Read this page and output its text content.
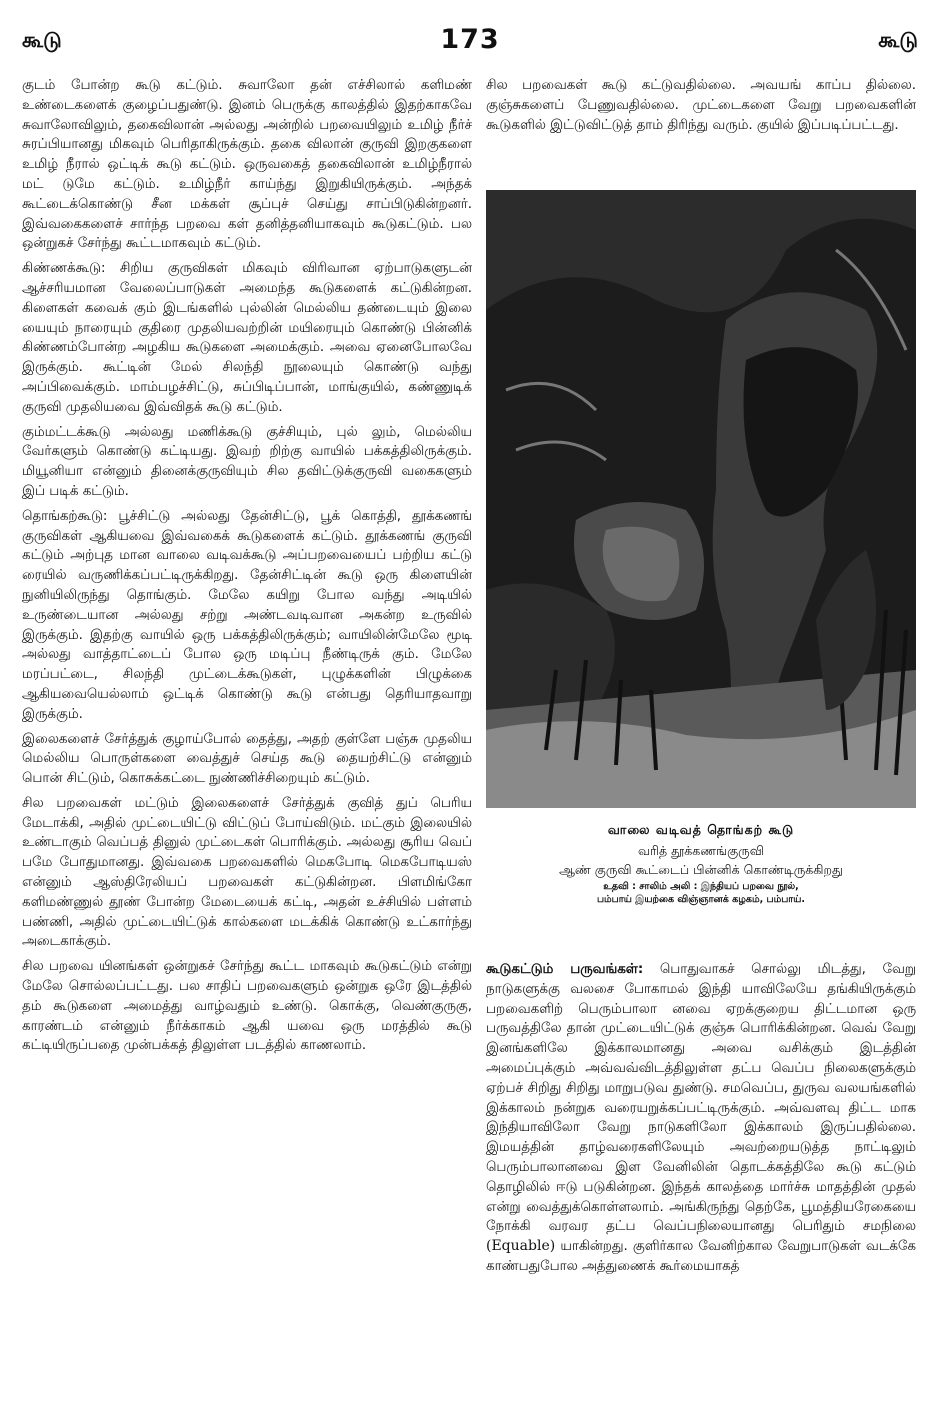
கூடு	173	கூடு

குடம் போன்ற கூடு கட்டும். சுவாலோ தன் எச்சிலால் களிமண் உண்டைகளைக் குழைப்பதுண்டு. இனம் பெருக்கு காலத்தில் இதற்காகவே சுவாலோவிலும், தகைவிலான் அல்லது அன்றில் பறவையிலும் உமிழ் நீர்ச் சுரப்பியானது மிகவும் பெரிதாகிருக்கும். தகை விலான் குருவி இறகுகளை உமிழ் நீரால் ஒட்டிக் கூடு கட்டும். ஒருவகைத் தகைவிலான் உமிழ்நீரால் மட் டுமே கட்டும். உமிழ்நீர் காய்ந்து இறுகியிருக்கும். அந்தக் கூட்டைக்கொண்டு சீன மக்கள் சூப்புச் செய்து சாப்பிடுகின்றனர். இவ்வகைகளைச் சார்ந்த பறவை கள் தனித்தனியாகவும் கூடுகட்டும். பல ஒன்றுகச் சேர்ந்து கூட்டமாகவும் கட்டும்.

கிண்ணக்கூடு: சிறிய குருவிகள் மிகவும் விரிவான ஏற்பாடுகளுடன் ஆச்சரியமான வேலைப்பாடுகள் அமைந்த கூடுகளைக் கட்டுகின்றன. கிளைகள் கவைக் கும் இடங்களில் புல்லின் மெல்லிய தண்டையும் இலை யையும் நாரையும் குதிரை முதலியவற்றின் மயிரையும் கொண்டு பின்னிக் கிண்ணம்போன்ற அழகிய கூடுகளை அமைக்கும். அவை ஏனைபோலவே இருக்கும். கூட்டின் மேல் சிலந்தி நூலையும் கொண்டு வந்து அப்பிவைக்கும். மாம்பழச்சிட்டு, சுப்பிடிப்பான், மாங்குயில், கண்ணுடிக் குருவி முதலியவை இவ்விதக் கூடு கட்டும்.

கும்மட்டக்கூடு அல்லது மணிக்கூடு குச்சியும், புல் லும், மெல்லிய வேர்களும் கொண்டு கட்டியது. இவற் றிற்கு வாயில் பக்கத்திலிருக்கும். மியூனியா என்னும் தினைக்குருவியும் சில தவிட்டுக்குருவி வகைகளும் இப் படிக் கட்டும்.

தொங்கற்கூடு: பூச்சிட்டு அல்லது தேன்சிட்டு, பூக் கொத்தி, தூக்கணங் குருவிகள் ஆகியவை இவ்வகைக் கூடுகளைக் கட்டும். தூக்கணங் குருவி கட்டும் அற்புத மான வாலை வடிவக்கூடு அப்பறவையைப் பற்றிய கட்டு ரையில் வருணிக்கப்பட்டிருக்கிறது. தேன்சிட்டின் கூடு ஒரு கிளையின் நுனியிலிருந்து தொங்கும். மேலே கயிறு போல வந்து அடியில் உருண்டையான அல்லது சற்று அண்டவடிவான அகன்ற உருவில் இருக்கும். இதற்கு வாயில் ஒரு பக்கத்திலிருக்கும்; வாயிலின்மேலே மூடி அல்லது வாத்தாட்டைப் போல ஒரு மடிப்பு நீண்டிருக் கும். மேலே மரப்பட்டை, சிலந்தி முட்டைக்கூடுகள், புழுக்களின் பிழுக்கை ஆகியவையெல்லாம் ஒட்டிக் கொண்டு கூடு என்பது தெரியாதவாறு இருக்கும்.

இலைகளைச் சேர்த்துக் குழாய்போல் தைத்து, அதற் குள்ளே பஞ்சு முதலிய மெல்லிய பொருள்களை வைத்துச் செய்த கூடு தையற்சிட்டு என்னும் பொன் சிட்டும், கொசுக்கட்டை நுண்ணிச்சிறையும் கட்டும்.

சில பறவைகள் மட்டும் இலைகளைச் சேர்த்துக் குவித் துப் பெரிய மேடாக்கி, அதில் முட்டையிட்டு விட்டுப் போய்விடும். மட்கும் இலையில் உண்டாகும் வெப்பத் தினுல் முட்டைகள் பொரிக்கும். அல்லது சூரிய வெப் பமே போதுமானது. இவ்வகை பறவைகளில் மெகபோடி மெகபோடியஸ் என்னும் ஆஸ்திரேலியப் பறவைகள் கட்டுகின்றன. பிளமிங்கோ களிமண்ணுல் தூண் போன்ற மேடையைக் கட்டி, அதன் உச்சியில் பள்ளம் பண்ணி, அதில் முட்டையிட்டுக் கால்களை மடக்கிக் கொண்டு உட்கார்ந்து அடைகாக்கும்.

சில பறவை யினங்கள் ஒன்றுகச் சேர்ந்து கூட்ட மாகவும் கூடுகட்டும் என்று மேலே சொல்லப்பட்டது. பல சாதிப் பறவைகளும் ஒன்றுக ஒரே இடத்தில் தம் கூடுகளை அமைத்து வாழ்வதும் உண்டு. கொக்கு, வெண்குருகு, காரண்டம் என்னும் நீர்க்காகம் ஆகி யவை ஒரு மரத்தில் கூடு கட்டியிருப்பதை முன்பக்கத் திலுள்ள படத்தில் காணலாம்.

சில பறவைகள் கூடு கட்டுவதில்லை. அவயங் காப்ப தில்லை. குஞ்சுகளைப் பேணுவதில்லை. முட்டைகளை வேறு பறவைகளின் கூடுகளில் இட்டுவிட்டுத் தாம் திரிந்து வரும். குயில் இப்படிப்பட்டது.

வாலை வடிவத் தொங்கற் கூடு
வரித் தூக்கணங்குருவி
ஆண் குருவி கூட்டைப் பின்னிக் கொண்டிருக்கிறது
உதவி : சாலிம் அலி : இந்தியப் பறவை நூல்,
பம்பாய் இயற்கை விஞ்ஞானக் கழகம், பம்பாய்.

கூடுகட்டும் பருவங்கள்: பொதுவாகச் சொல்லு மிடத்து, வேறு நாடுகளுக்கு வலசை போகாமல் இந்தி யாவிலேயே தங்கியிருக்கும் பறவைகளிற் பெரும்பாலா னவை ஏறக்குறைய திட்டமான ஒரு பருவத்திலே தான் முட்டையிட்டுக் குஞ்சு பொரிக்கின்றன. வெவ் வேறு இனங்களிலே இக்காலமானது அவை வசிக்கும் இடத்தின் அமைப்புக்கும் அவ்வவ்விடத்திலுள்ள தட்ப வெப்ப நிலைகளுக்கும் ஏற்பச் சிறிது சிறிது மாறுபடுவ துண்டு. சமவெப்ப, துருவ வலயங்களில் இக்காலம் நன்றுக வரையறுக்கப்பட்டிருக்கும். அவ்வளவு திட்ட மாக இந்தியாவிலோ வேறு நாடுகளிலோ இக்காலம் இருப்பதில்லை. இமயத்தின் தாழ்வரைகளிலேயும் அவற்றையடுத்த நாட்டிலும் பெரும்பாலானவை இள வேனிலின் தொடக்கத்திலே கூடு கட்டும் தொழிலில் ஈடு படுகின்றன. இந்தக் காலத்தை மார்ச்சு மாதத்தின் முதல் என்று வைத்துக்கொள்ளலாம். அங்கிருந்து தெற்கே, பூமத்தியரேகையை நோக்கி வரவர தட்ப வெப்பநிலையானது பெரிதும் சமநிலை (Equable) யாகின்றது. குளிர்கால வேனிற்கால வேறுபாடுகள் வடக்கே காண்பதுபோல அத்துணைக் கூர்மையாகத்
